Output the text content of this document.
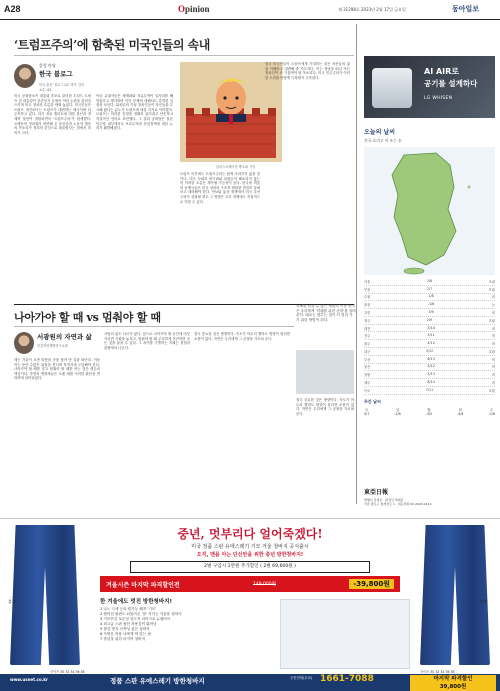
A28	Opinion	제 31298호 2023년 2월 17일 금요일	동아일보
‘트럼프주의’에 함축된 미국인들의 속내
칼럼 마당
한국 블로그
미국 출신 '블로그 LG' 작가 김미 교수 '43
미국 공화당소속 대통령 후보로 출마한 도널드 트럼프 전 대통령이 중간선거 등에서 여러 논란을 불러일으키며 미국 정치의 흐름을 바꿔 놓았다. 미국인들은 트럼프 개인보다는 트럼프가 대변하는 메시지에 더 주목하고 있다. 과거 정치 엘리트에 대한 불신과 경제적 불안이 결합되면서 '트럼프주의'가 탄생했다. 오랫동안 정치권이 외면해 온 중산층과 노동자 계층의 목소리가 정치의 중심으로 떠올랐다는 점에서 의미가 크다.
이들 유권자들은 세계화와 자유무역이 일자리를 빼앗았다고 생각하며 이민 문제에 대해서도 강경한 입장을 보인다. 워싱턴의 기성 정치인들이 자신들을 무시해 왔다는 분노가 트럼프에 대한 지지로 이어졌다. 트럼프는 이러한 감정을 정확히 읽어내고 단순하고 직설적인 언어로 표현했다. 그 결과 공화당은 물론 민주당 내부에서도 보호무역과 산업정책에 대한 논의가 활발해졌다.
일러스트레이션 박초희 기자
트럼프 이후에도 트럼프주의는 쉽게 사라지지 않을 것이다. 미국 사회의 양극화와 불평등이 해소되지 않는 한 이러한 흐름은 계속될 가능성이 높다. 한국을 비롯한 동맹국들은 미국 정치의 구조적 변화를 면밀히 살펴보고 대비해야 한다. 안보와 통상 정책에서 미국 우선주의가 강화될 경우 그 영향은 우리 경제에도 직접적으로 미칠 수 있다.
결국 미국인들이 트럼프에게 기대하는 것은 자신들의 삶을 이해하고 대변해 줄 지도자다. 이는 정당을 떠나 모든 정치인이 귀 기울여야 할 목소리다. 미국 민주주의가 이러한 도전을 어떻게 극복할지 주목된다.
AI AIR로
공기를 설계하다
LG WHISEN
오늘의 날씨
전국 흐리고 비 또는 눈
서울	2/8	흐림
인천	2/7	흐림
수원	1/8	비
춘천	-1/6	눈
강릉	3/9	비
청주	2/9	흐림
대전	3/10	비
전주	3/11	비
광주	4/12	비
대구	3/12	흐림
부산	6/13	비
울산	5/12	비
창원	5/13	비
제주	8/14	비
독도	7/11	흐림
주간 날씨
토
0/7
일
-2/6
월
-3/5
화
-4/4
수
-2/6
나아가야 할 때 vs 멈춰야 할 때
서광원의 자연과 삶
인간자연생명연구소장
새는 겨울이 오면 따뜻한 곳을 찾아 먼 길을 떠난다. 이동하는 동안 수많은 위험을 견디며 목적지에 도달해야 한다. 나아가야 할 때를 알고 멈춰야 할 때를 아는 것은 생존의 핵심이다. 자연의 생명체들은 오랜 세월 이러한 판단을 반복하며 살아남았다.
사람의 삶도 다르지 않다. 앞으로 나아가야 할 순간에 머뭇거리면 기회를 놓치고, 멈춰야 할 때 무리하게 전진하면 모든 것을 잃을 수 있다. 그 차이를 구별하는 지혜는 경험과 관찰에서 나온다.
결국 중요한 것은 방향이다. 속도가 아무리 빨라도 방향이 틀리면 소용이 없다. 자연은 우리에게 그 균형을 가르쳐 준다.
지혜를 얻을 수 있는 새들의 이동 방식은 우리에게 '미래를 위한 준비'를 알려 준다. 때로는 멈추는 것이 더 멀리 가기 위한 방법이 된다.
결국 중요한 것은 방향이다. 속도가 아무리 빨라도 방향이 틀리면 소용이 없다. 자연은 우리에게 그 균형을 가르쳐 준다.
東亞日報
발행인 김재호 · 편집인 박제균
서울 종로구 청계천로 1 · 대표전화 02-2020-0114
블루
사이즈 30 32 34 36 38
진청
사이즈 30 32 34 36 38
중년, 멋부리다 얼어죽겠다!
미국 정품 스판 유에스레기 기모 겨울 청바지 공식출시
오직, 맨몸 아는 단신만을 위한 중년 방한청바지!
2벌 구입시 1만원 추가할인 ( 2벌 69,600원 )
겨울시즌 마지막 파격할인전	149,000원	-39,800원
한 겨울에도 멋진 방한청바지!
1 나노 극세 등의 털기능 쾌적 '기모'
2 찢어짐 불편도 되돌아온 '잘' 지키는 겨울용 청바지
3 기모안감 보온성 압도적 마이크로 뉴웨이브
4 최고급 스판 원단 착용감이 뛰어남
5 찢김 방지 신축성 좋은 청바지
6 가벼운 착용 나에게 딱 맞는 핏
7 중년을 위한 마지막 청바지
www.usnet.co.kr	정품 스판 유에스레기 방한청바지	주문전화(무료) 1661-7088	마지막 파격할인
39,800원
